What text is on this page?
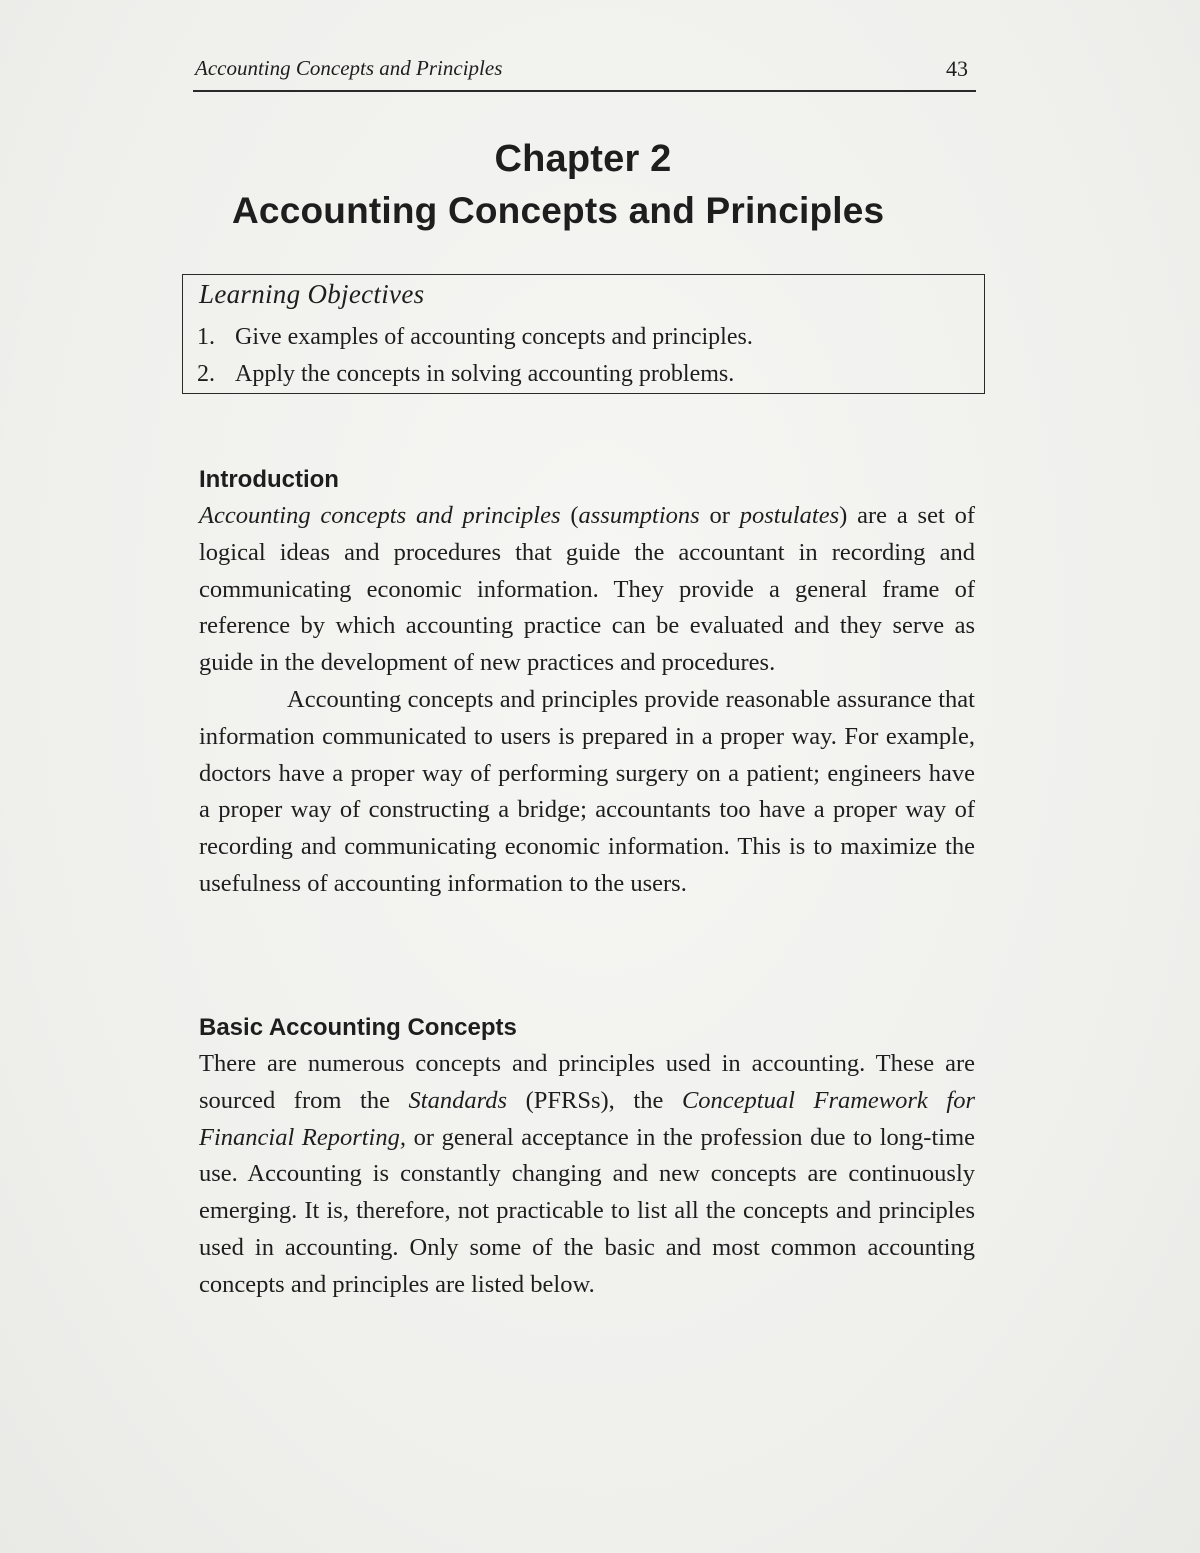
Accounting Concepts and Principles	43
Chapter 2
Accounting Concepts and Principles
Learning Objectives
1. Give examples of accounting concepts and principles.
2. Apply the concepts in solving accounting problems.
Introduction

Accounting concepts and principles (assumptions or postulates) are a set of logical ideas and procedures that guide the accountant in recording and communicating economic information. They provide a general frame of reference by which accounting practice can be evaluated and they serve as guide in the development of new practices and procedures.

Accounting concepts and principles provide reasonable assurance that information communicated to users is prepared in a proper way. For example, doctors have a proper way of performing surgery on a patient; engineers have a proper way of constructing a bridge; accountants too have a proper way of recording and communicating economic information. This is to maximize the usefulness of accounting information to the users.

Basic Accounting Concepts

There are numerous concepts and principles used in accounting. These are sourced from the Standards (PFRSs), the Conceptual Framework for Financial Reporting, or general acceptance in the profession due to long-time use. Accounting is constantly changing and new concepts are continuously emerging. It is, therefore, not practicable to list all the concepts and principles used in accounting. Only some of the basic and most common accounting concepts and principles are listed below.
